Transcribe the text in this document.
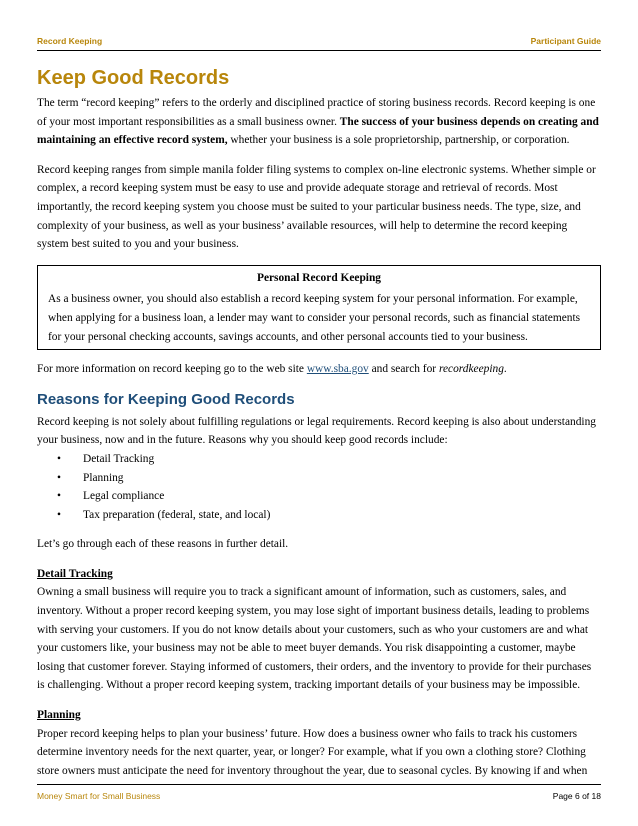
Record Keeping	Participant Guide
Keep Good Records

The term “record keeping” refers to the orderly and disciplined practice of storing business records. Record keeping is one of your most important responsibilities as a small business owner. The success of your business depends on creating and maintaining an effective record system, whether your business is a sole proprietorship, partnership, or corporation.

Record keeping ranges from simple manila folder filing systems to complex on-line electronic systems. Whether simple or complex, a record keeping system must be easy to use and provide adequate storage and retrieval of records. Most importantly, the record keeping system you choose must be suited to your particular business needs. The type, size, and complexity of your business, as well as your business’ available resources, will help to determine the record keeping system best suited to you and your business.

Personal Record Keeping

As a business owner, you should also establish a record keeping system for your personal information. For example, when applying for a business loan, a lender may want to consider your personal records, such as financial statements for your personal checking accounts, savings accounts, and other personal accounts tied to your business.

For more information on record keeping go to the web site www.sba.gov and search for recordkeeping.

Reasons for Keeping Good Records

Record keeping is not solely about fulfilling regulations or legal requirements. Record keeping is also about understanding your business, now and in the future. Reasons why you should keep good records include:

• Detail Tracking
• Planning
• Legal compliance
• Tax preparation (federal, state, and local)

Let’s go through each of these reasons in further detail.

Detail Tracking

Owning a small business will require you to track a significant amount of information, such as customers, sales, and inventory. Without a proper record keeping system, you may lose sight of important business details, leading to problems with serving your customers. If you do not know details about your customers, such as who your customers are and what your customers like, your business may not be able to meet buyer demands. You risk disappointing a customer, maybe losing that customer forever. Staying informed of customers, their orders, and the inventory to provide for their purchases is challenging. Without a proper record keeping system, tracking important details of your business may be impossible.

Planning

Proper record keeping helps to plan your business’ future. How does a business owner who fails to track his customers determine inventory needs for the next quarter, year, or longer? For example, what if you own a clothing store? Clothing store owners must anticipate the need for inventory throughout the year, due to seasonal cycles. By knowing if and when

Money Smart for Small Business	Page 6 of 18
